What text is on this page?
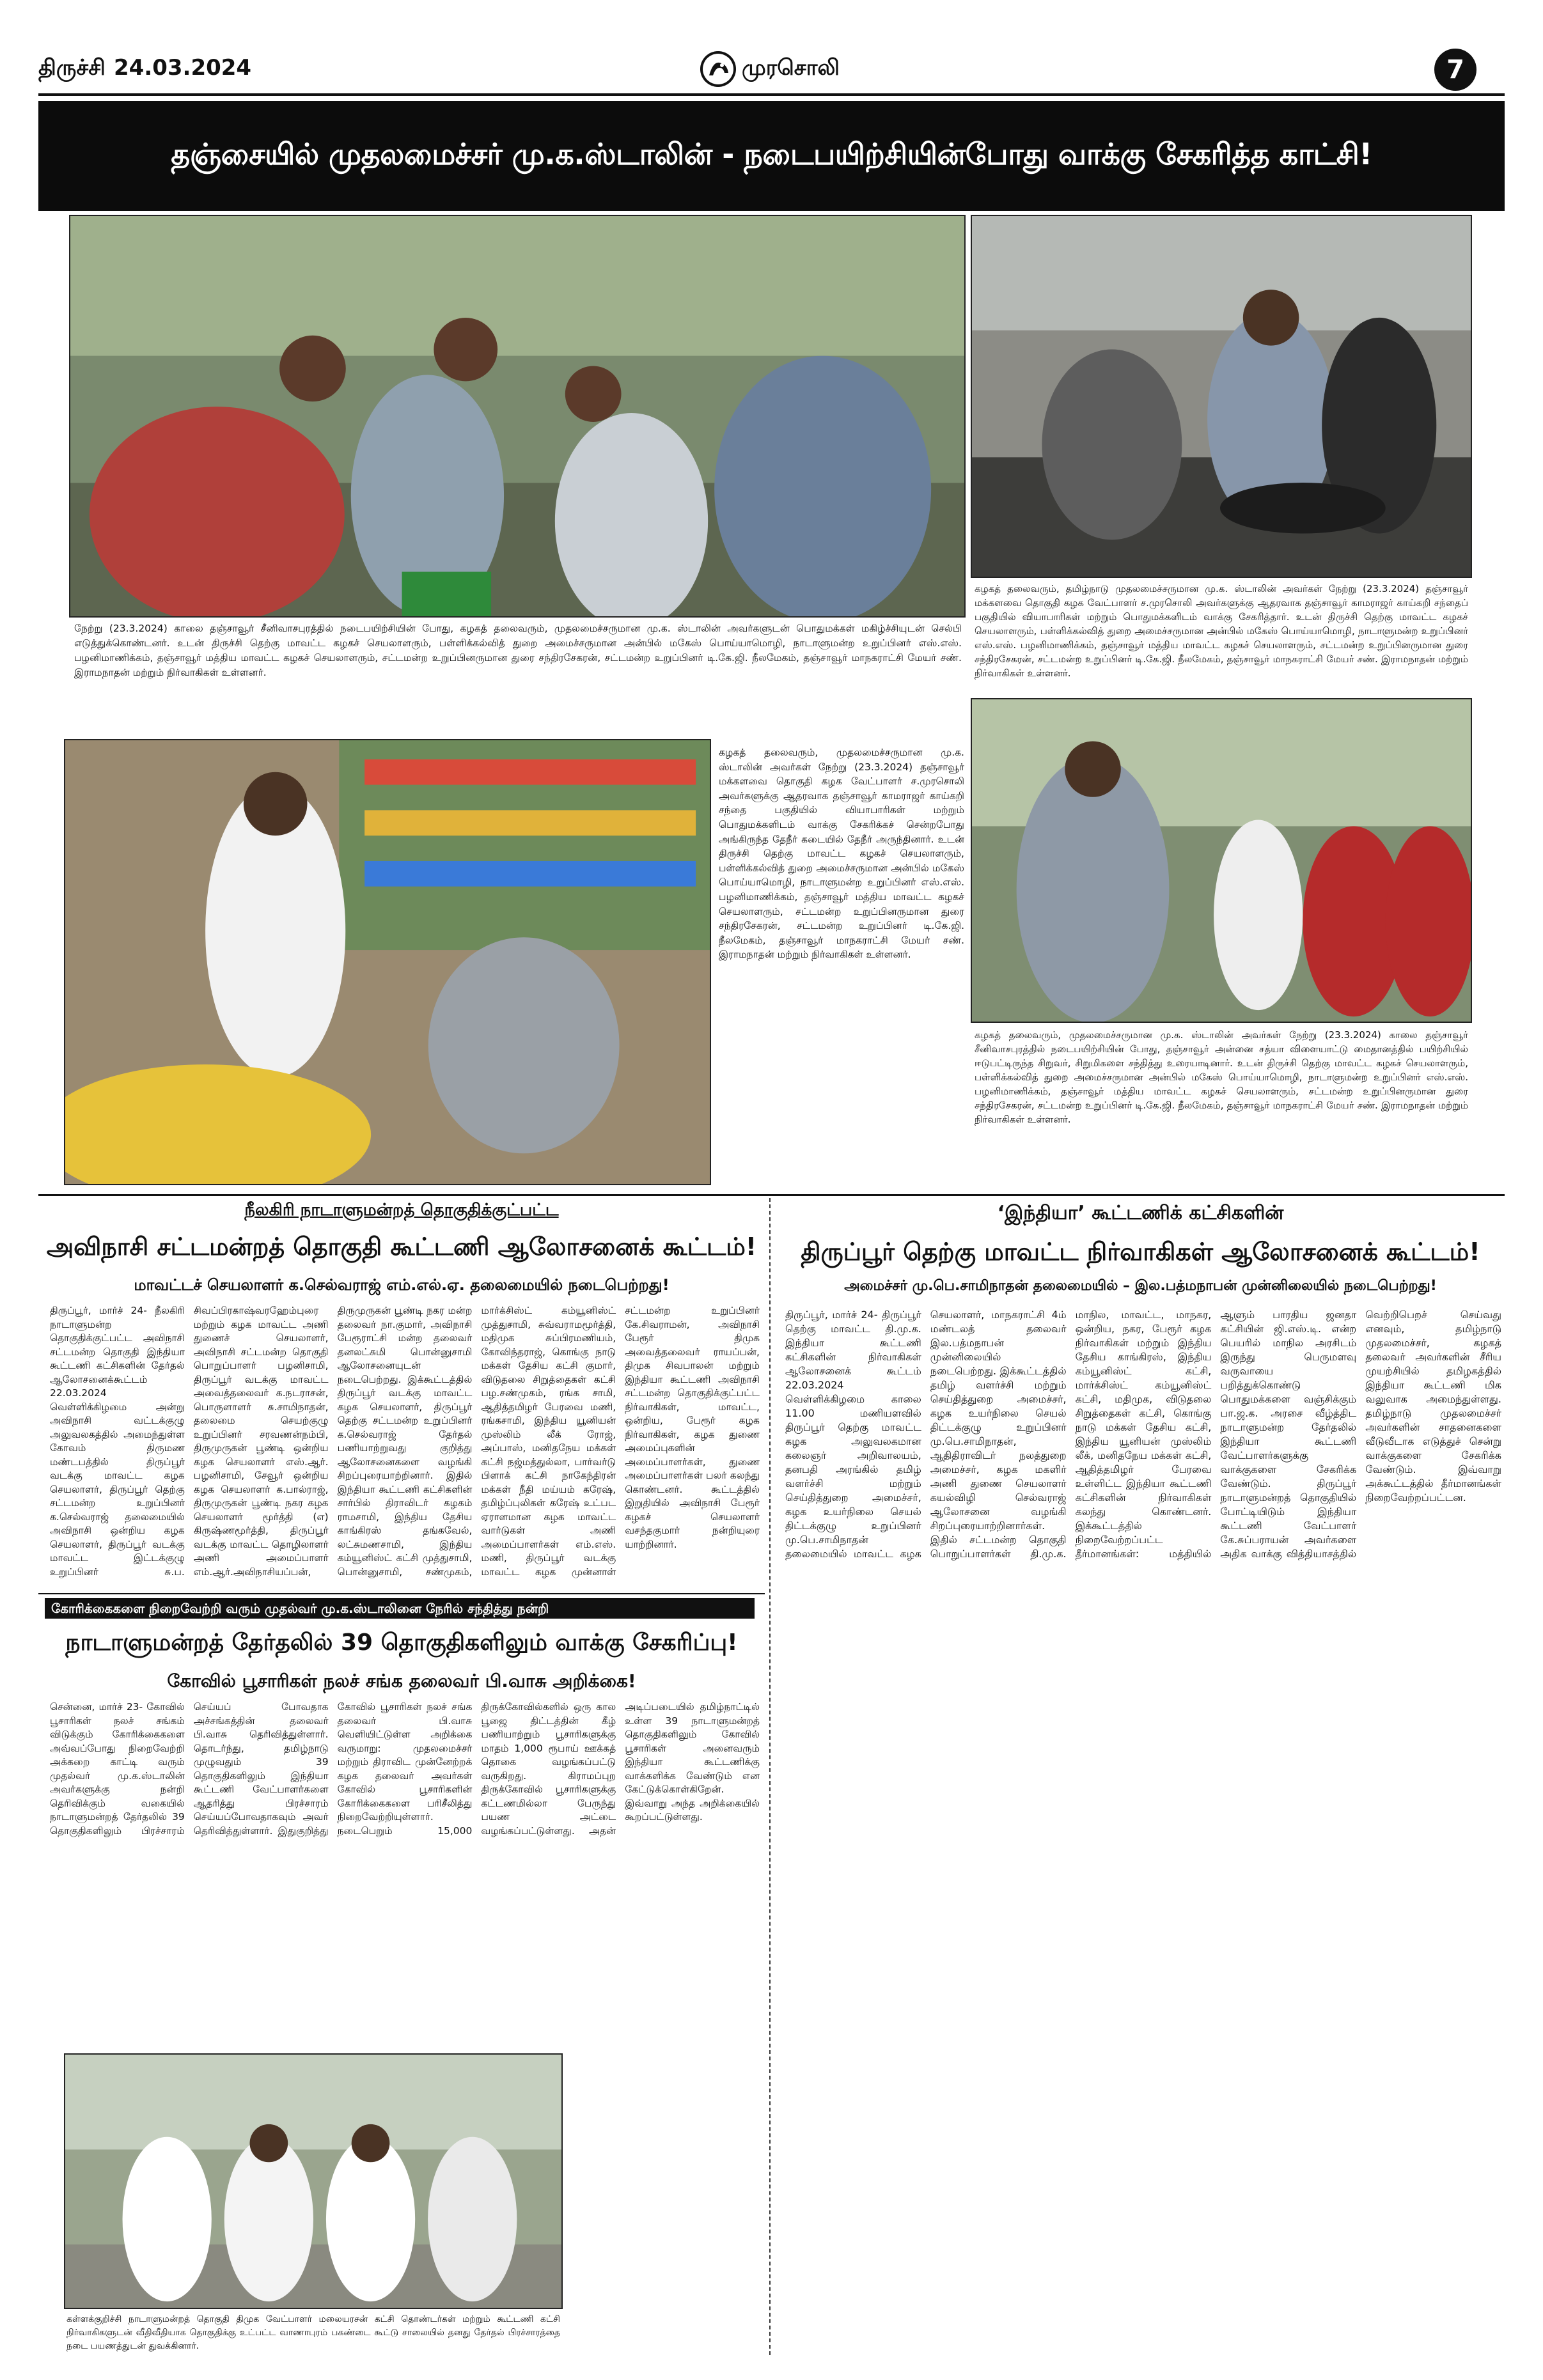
திருச்சி 24.03.2024	முரசொலி	7
தஞ்சையில் முதலமைச்சர் மு.க.ஸ்டாலின் - நடைபயிற்சியின்போது வாக்கு சேகரித்த காட்சி!
நேற்று (23.3.2024) காலை தஞ்சாவூர் சீனிவாசபுரத்தில் நடைபயிற்சியின் போது, கழகத் தலைவரும், முதலமைச்சருமான மு.க. ஸ்டாலின் அவர்களுடன் பொதுமக்கள் மகிழ்ச்சியுடன் செல்பி எடுத்துக்கொண்டனர். உடன் திருச்சி தெற்கு மாவட்ட கழகச் செயலாளரும், பள்ளிக்கல்வித் துறை அமைச்சருமான அன்பில் மகேஸ் பொய்யாமொழி, நாடாளுமன்ற உறுப்பினர் எஸ்.எஸ். பழனிமாணிக்கம், தஞ்சாவூர் மத்திய மாவட்ட கழகச் செயலாளரும், சட்டமன்ற உறுப்பினருமான துரை சந்திரசேகரன், சட்டமன்ற உறுப்பினர் டி.கே.ஜி. நீலமேகம், தஞ்சாவூர் மாநகராட்சி மேயர் சண். இராமநாதன் மற்றும் நிர்வாகிகள் உள்ளனர்.
கழகத் தலைவரும், தமிழ்நாடு முதலமைச்சருமான மு.க. ஸ்டாலின் அவர்கள் நேற்று (23.3.2024) தஞ்சாவூர் மக்களவை தொகுதி கழக வேட்பாளர் ச.முரசொலி அவர்களுக்கு ஆதரவாக தஞ்சாவூர் காமராஜர் காய்கறி சந்தைப் பகுதியில் வியாபாரிகள் மற்றும் பொதுமக்களிடம் வாக்கு சேகரித்தார். உடன் திருச்சி தெற்கு மாவட்ட கழகச் செயலாளரும், பள்ளிக்கல்வித் துறை அமைச்சருமான அன்பில் மகேஸ் பொய்யாமொழி, நாடாளுமன்ற உறுப்பினர் எஸ்.எஸ். பழனிமாணிக்கம், தஞ்சாவூர் மத்திய மாவட்ட கழகச் செயலாளரும், சட்டமன்ற உறுப்பினருமான துரை சந்திரசேகரன், சட்டமன்ற உறுப்பினர் டி.கே.ஜி. நீலமேகம், தஞ்சாவூர் மாநகராட்சி மேயர் சண். இராமநாதன் மற்றும் நிர்வாகிகள் உள்ளனர்.
கழகத் தலைவரும், முதலமைச்சருமான மு.க. ஸ்டாலின் அவர்கள் நேற்று (23.3.2024) தஞ்சாவூர் மக்களவை தொகுதி கழக வேட்பாளர் ச.முரசொலி அவர்களுக்கு ஆதரவாக தஞ்சாவூர் காமராஜர் காய்கறி சந்தை பகுதியில் வியாபாரிகள் மற்றும் பொதுமக்களிடம் வாக்கு சேகரிக்கச் சென்றபோது அங்கிருந்த தேநீர் கடையில் தேநீர் அருந்தினார். உடன் திருச்சி தெற்கு மாவட்ட கழகச் செயலாளரும், பள்ளிக்கல்வித் துறை அமைச்சருமான அன்பில் மகேஸ் பொய்யாமொழி, நாடாளுமன்ற உறுப்பினர் எஸ்.எஸ். பழனிமாணிக்கம், தஞ்சாவூர் மத்திய மாவட்ட கழகச் செயலாளரும், சட்டமன்ற உறுப்பினருமான துரை சந்திரசேகரன், சட்டமன்ற உறுப்பினர் டி.கே.ஜி. நீலமேகம், தஞ்சாவூர் மாநகராட்சி மேயர் சண். இராமநாதன் மற்றும் நிர்வாகிகள் உள்ளனர்.
கழகத் தலைவரும், முதலமைச்சருமான மு.க. ஸ்டாலின் அவர்கள் நேற்று (23.3.2024) காலை தஞ்சாவூர் சீனிவாசபுரத்தில் நடைபயிற்சியின் போது, தஞ்சாவூர் அன்னை சத்யா விளையாட்டு மைதானத்தில் பயிற்சியில் ஈடுபட்டிருந்த சிறுவர், சிறுமிகளை சந்தித்து உரையாடினார். உடன் திருச்சி தெற்கு மாவட்ட கழகச் செயலாளரும், பள்ளிக்கல்வித் துறை அமைச்சருமான அன்பில் மகேஸ் பொய்யாமொழி, நாடாளுமன்ற உறுப்பினர் எஸ்.எஸ். பழனிமாணிக்கம், தஞ்சாவூர் மத்திய மாவட்ட கழகச் செயலாளரும், சட்டமன்ற உறுப்பினருமான துரை சந்திரசேகரன், சட்டமன்ற உறுப்பினர் டி.கே.ஜி. நீலமேகம், தஞ்சாவூர் மாநகராட்சி மேயர் சண். இராமநாதன் மற்றும் நிர்வாகிகள் உள்ளனர்.
நீலகிரி நாடாளுமன்றத் தொகுதிக்குட்பட்ட
அவிநாசி சட்டமன்றத் தொகுதி கூட்டணி ஆலோசனைக் கூட்டம்!
மாவட்டச் செயலாளர் க.செல்வராஜ் எம்.எல்.ஏ. தலைமையில் நடைபெற்றது!
திருப்பூர், மார்ச் 24- நீலகிரி நாடாளுமன்ற தொகுதிக்குட்பட்ட அவிநாசி சட்டமன்ற தொகுதி இந்தியா கூட்டணி கட்சிகளின் தேர்தல் ஆலோசனைக்கூட்டம் 22.03.2024 வெள்ளிக்கிழமை அன்று அவிநாசி வட்டக்குழு அலுவலகத்தில் அமைந்துள்ள கோவம் திருமண மண்டபத்தில் திருப்பூர் வடக்கு மாவட்ட கழக செயலாளர், திருப்பூர் தெற்கு சட்டமன்ற உறுப்பினர் க.செல்வராஜ் தலைமையில் அவிநாசி ஒன்றிய கழக செயலாளர், திருப்பூர் வடக்கு மாவட்ட இட்டக்குழு உறுப்பினர் சு.ப. சிவப்பிரகாஷ்வரஹேம்புரை மற்றும் கழக மாவட்ட அணி துணைச் செயலாளர், அவிநாசி சட்டமன்ற தொகுதி பொறுப்பாளர் பழனிசாமி, திருப்பூர் வடக்கு மாவட்ட அவைத்தலைவர் க.நடராசன், பொருளாளர் சு.சாமிநாதன், தலைமை செயற்குழு உறுப்பினர் சரவணன்நம்பி, திருமுருகன் பூண்டி ஒன்றிய கழக செயலாளர் எஸ்.ஆர். பழனிசாமி, சேவூர் ஒன்றிய கழக செயலாளர் க.பால்ராஜ், திருமுருகன் பூண்டி நகர கழக செயலாளர் மூர்த்தி (எ) கிருஷ்ணமூர்த்தி, திருப்பூர் வடக்கு மாவட்ட தொழிலாளர் அணி அமைப்பாளர் எம்.ஆர்.அவிநாசியப்பன், திருமுருகன் பூண்டி நகர மன்ற தலைவர் நா.குமார், அவிநாசி பேரூராட்சி மன்ற தலைவர் தனலட்சுமி பொன்னுசாமி ஆலோசனையுடன் நடைபெற்றது. இக்கூட்டத்தில் திருப்பூர் வடக்கு மாவட்ட கழக செயலாளர், திருப்பூர் தெற்கு சட்டமன்ற உறுப்பினர் க.செல்வராஜ் தேர்தல் பணியாற்றுவது குறித்து ஆலோசனைகளை வழங்கி சிறப்புரையாற்றினார். இதில் இந்தியா கூட்டணி கட்சிகளின் சார்பில் திராவிடர் கழகம் ராமசாமி, இந்திய தேசிய காங்கிரஸ் தங்கவேல், லட்சுமணசாமி, இந்திய கம்யூனிஸ்ட் கட்சி முத்துசாமி, பொன்னுசாமி, சண்முகம், மார்க்சிஸ்ட் கம்யூனிஸ்ட் முத்துசாமி, சுவ்வராமமூர்த்தி, மதிமுக சுப்பிரமணியம், கோவிந்தராஜ், கொங்கு நாடு மக்கள் தேசிய கட்சி குமார், விடுதலை சிறுத்தைகள் கட்சி பழ.சண்முகம், ரங்க சாமி, ஆதித்தமிழர் பேரவை மணி, ரங்கசாமி, இந்திய யூனியன் முஸ்லிம் லீக் ரோஜ், அப்பாஸ், மனிதநேய மக்கள் கட்சி நஜ்மத்துல்லா, பார்வர்டு பிளாக் கட்சி நாகேந்திரன் மக்கள் நீதி மய்யம் கரேஷ், தமிழ்ப்புலிகள் கரேஷ் உட்பட ஏராளமான கழக மாவட்ட வார்டுகள் அணி அமைப்பாளர்கள் எம்.எஸ். மணி, திருப்பூர் வடக்கு மாவட்ட கழக முன்னாள் சட்டமன்ற உறுப்பினர் கே.சிவராமன், அவிநாசி பேரூர் திமுக அவைத்தலைவர் ராயப்பன், திமுக சிவபாலன் மற்றும் இந்தியா கூட்டணி அவிநாசி சட்டமன்ற தொகுதிக்குட்பட்ட நிர்வாகிகள், மாவட்ட, ஒன்றிய, பேரூர் கழக நிர்வாகிகள், கழக துணை அமைப்புகளின் அமைப்பாளர்கள், துணை அமைப்பாளர்கள் பலர் கலந்து கொண்டனர். கூட்டத்தில் இறுதியில் அவிநாசி பேரூர் கழகச் செயலாளர் வசந்தகுமார் நன்றியுரை யாற்றினார்.
கோரிக்கைகளை நிறைவேற்றி வரும் முதல்வர் மு.க.ஸ்டாலினை நேரில் சந்தித்து நன்றி
நாடாளுமன்றத் தேர்தலில் 39 தொகுதிகளிலும் வாக்கு சேகரிப்பு!
கோவில் பூசாரிகள் நலச் சங்க தலைவர் பி.வாசு அறிக்கை!
சென்னை, மார்ச் 23- கோவில் பூசாரிகள் நலச் சங்கம் விடுக்கும் கோரிக்கைகளை அவ்வப்போது நிறைவேற்றி அக்கறை காட்டி வரும் முதல்வர் மு.க.ஸ்டாலின் அவர்களுக்கு நன்றி தெரிவிக்கும் வகையில் நாடாளுமன்றத் தேர்தலில் 39 தொகுதிகளிலும் பிரச்சாரம் செய்யப் போவதாக அச்சங்கத்தின் தலைவர் பி.வாசு தெரிவித்துள்ளார். தொடர்ந்து, தமிழ்நாடு முழுவதும் 39 தொகுதிகளிலும் இந்தியா கூட்டணி வேட்பாளர்களை ஆதரித்து பிரச்சாரம் செய்யப்போவதாகவும் அவர் தெரிவித்துள்ளார். இதுகுறித்து கோவில் பூசாரிகள் நலச் சங்க தலைவர் பி.வாசு வெளியிட்டுள்ள அறிக்கை வருமாறு: முதலமைச்சர் மற்றும் திராவிட முன்னேற்றக் கழக தலைவர் அவர்கள் கோவில் பூசாரிகளின் கோரிக்கைகளை பரிசீலித்து நிறைவேற்றியுள்ளார். நடைபெறும் 15,000 திருக்கோவில்களில் ஒரு கால பூஜை திட்டத்தின் கீழ் பணியாற்றும் பூசாரிகளுக்கு மாதம் 1,000 ரூபாய் ஊக்கத் தொகை வழங்கப்பட்டு வருகிறது. கிராமப்புற திருக்கோவில் பூசாரிகளுக்கு கட்டணமில்லா பேருந்து பயண அட்டை வழங்கப்பட்டுள்ளது. அதன் அடிப்படையில் தமிழ்நாட்டில் உள்ள 39 நாடாளுமன்றத் தொகுதிகளிலும் கோவில் பூசாரிகள் அனைவரும் இந்தியா கூட்டணிக்கு வாக்களிக்க வேண்டும் என கேட்டுக்கொள்கிறேன். இவ்வாறு அந்த அறிக்கையில் கூறப்பட்டுள்ளது.
கள்ளக்குறிச்சி நாடாளுமன்றத் தொகுதி திமுக வேட்பாளர் மலையரசன் கட்சி தொண்டர்கள் மற்றும் கூட்டணி கட்சி நிர்வாகிகளுடன் வீதிவீதியாக தொகுதிக்கு உட்பட்ட வாணாபுரம் பகண்டை கூட்டு சாலையில் தனது தேர்தல் பிரச்சாரத்தை நடை பயணத்துடன் துவக்கினார்.
‘இந்தியா’ கூட்டணிக் கட்சிகளின்
திருப்பூர் தெற்கு மாவட்ட நிர்வாகிகள் ஆலோசனைக் கூட்டம்!
அமைச்சர் மு.பெ.சாமிநாதன் தலைமையில் – இல.பத்மநாபன் முன்னிலையில் நடைபெற்றது!
திருப்பூர், மார்ச் 24- திருப்பூர் தெற்கு மாவட்ட தி.மு.க. இந்தியா கூட்டணி கட்சிகளின் நிர்வாகிகள் ஆலோசனைக் கூட்டம் 22.03.2024 வெள்ளிக்கிழமை காலை 11.00 மணியளவில் திருப்பூர் தெற்கு மாவட்ட கழக அலுவலகமான கலைஞர் அறிவாலயம், தனபதி அரங்கில் தமிழ் வளர்ச்சி மற்றும் செய்தித்துறை அமைச்சர், கழக உயர்நிலை செயல் திட்டக்குழு உறுப்பினர் மு.பெ.சாமிநாதன் தலைமையில் மாவட்ட கழக செயலாளர், மாநகராட்சி 4ம் மண்டலத் தலைவர் இல.பத்மநாபன் முன்னிலையில் நடைபெற்றது. இக்கூட்டத்தில் தமிழ் வளர்ச்சி மற்றும் செய்தித்துறை அமைச்சர், கழக உயர்நிலை செயல் திட்டக்குழு உறுப்பினர் மு.பெ.சாமிநாதன், ஆதிதிராவிடர் நலத்துறை அமைச்சர், கழக மகளிர் அணி துணை செயலாளர் கயல்விழி செல்வராஜ் ஆலோசனை வழங்கி சிறப்புரையாற்றினார்கள். இதில் சட்டமன்ற தொகுதி பொறுப்பாளர்கள் தி.மு.க. மாநில, மாவட்ட, மாநகர, ஒன்றிய, நகர, பேரூர் கழக நிர்வாகிகள் மற்றும் இந்திய தேசிய காங்கிரஸ், இந்திய கம்யூனிஸ்ட் கட்சி, மார்க்சிஸ்ட் கம்யூனிஸ்ட் கட்சி, மதிமுக, விடுதலை சிறுத்தைகள் கட்சி, கொங்கு நாடு மக்கள் தேசிய கட்சி, இந்திய யூனியன் முஸ்லிம் லீக், மனிதநேய மக்கள் கட்சி, ஆதித்தமிழர் பேரவை உள்ளிட்ட இந்தியா கூட்டணி கட்சிகளின் நிர்வாகிகள் கலந்து கொண்டனர். இக்கூட்டத்தில் நிறைவேற்றப்பட்ட தீர்மானங்கள்: மத்தியில் ஆளும் பாரதிய ஜனதா கட்சியின் ஜி.எஸ்.டி. என்ற பெயரில் மாநில அரசிடம் இருந்து பெருமளவு வருவாயை பறித்துக்கொண்டு பொதுமக்களை வஞ்சிக்கும் பா.ஜ.க. அரசை வீழ்த்திட நாடாளுமன்ற தேர்தலில் இந்தியா கூட்டணி வேட்பாளர்களுக்கு வாக்குகளை சேகரிக்க வேண்டும். திருப்பூர் நாடாளுமன்றத் தொகுதியில் போட்டியிடும் இந்தியா கூட்டணி வேட்பாளர் கே.சுப்பராயன் அவர்களை அதிக வாக்கு வித்தியாசத்தில் வெற்றிபெறச் செய்வது எனவும், தமிழ்நாடு முதலமைச்சர், கழகத் தலைவர் அவர்களின் சீரிய முயற்சியில் தமிழகத்தில் இந்தியா கூட்டணி மிக வலுவாக அமைந்துள்ளது. தமிழ்நாடு முதலமைச்சர் அவர்களின் சாதனைகளை வீடுவீடாக எடுத்துச் சென்று வாக்குகளை சேகரிக்க வேண்டும். இவ்வாறு அக்கூட்டத்தில் தீர்மானங்கள் நிறைவேற்றப்பட்டன.
